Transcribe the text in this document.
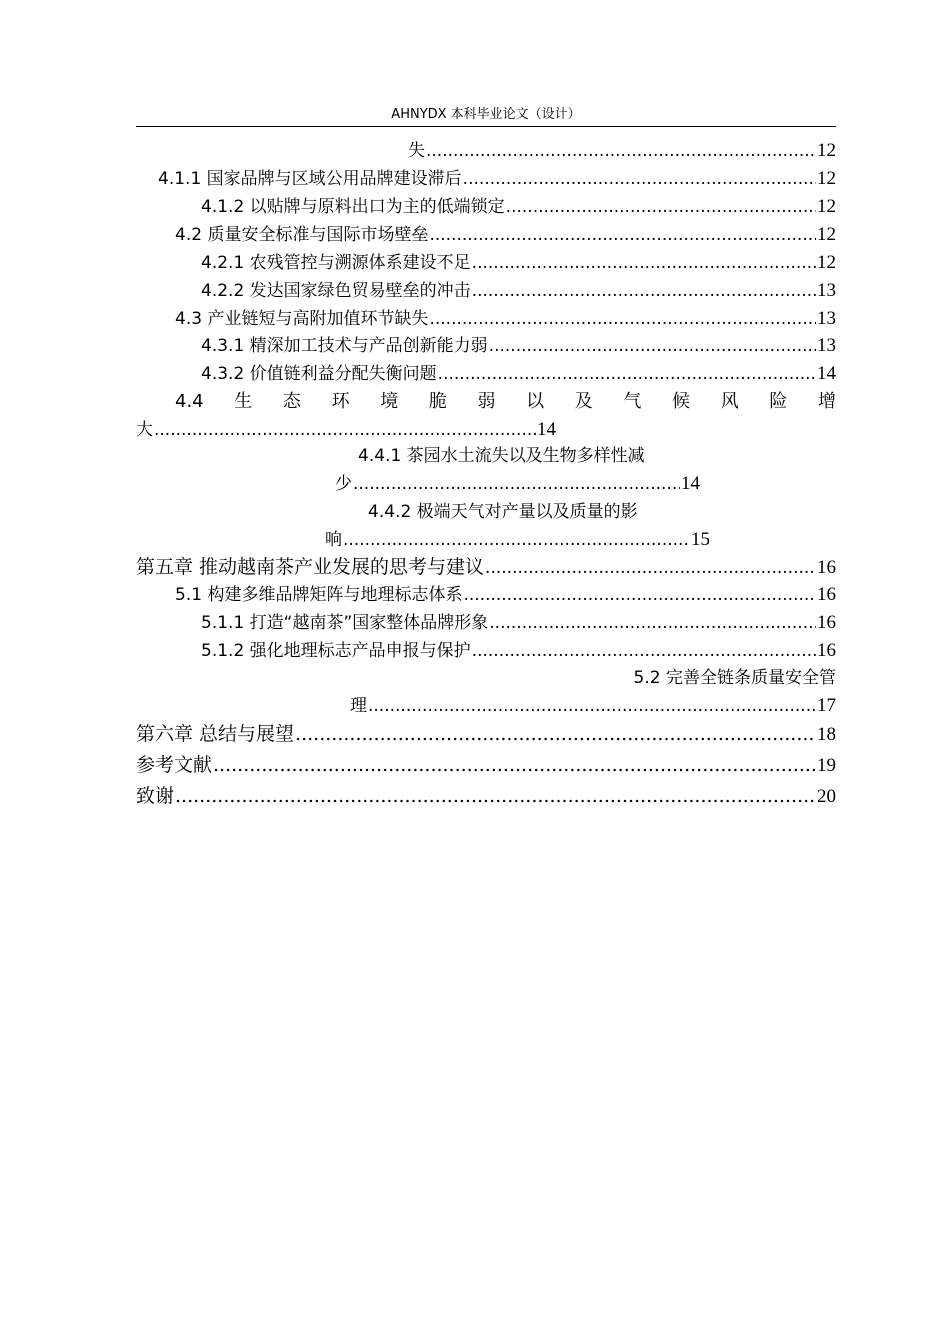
AHNYDX 本科毕业论文（设计）
失 .....	12
4.1.1 国家品牌与区域公用品牌建设滞后 .....	12
4.1.2 以贴牌与原料出口为主的低端锁定 .....	12
4.2 质量安全标准与国际市场壁垒 .....	12
4.2.1 农残管控与溯源体系建设不足 .....	12
4.2.2 发达国家绿色贸易壁垒的冲击 .....	13
4.3 产业链短与高附加值环节缺失 .....	13
4.3.1 精深加工技术与产品创新能力弱 .....	13
4.3.2 价值链利益分配失衡问题 .....	14
4.4 生 态 环 境 脆 弱 以 及 气 候 风 险 增
大 .....	14
4.4.1 茶园水土流失以及生物多样性减
少 .....	14
4.4.2 极端天气对产量以及质量的影
响 .....	15
第五章 推动越南茶产业发展的思考与建议 .....	16
5.1 构建多维品牌矩阵与地理标志体系 .....	16
5.1.1 打造“越南茶”国家整体品牌形象 .....	16
5.1.2 强化地理标志产品申报与保护 .....	16
5.2 完善全链条质量安全管
理 .....	17
第六章 总结与展望 .....	18
参考文献 .....	19
致谢 .....	20
